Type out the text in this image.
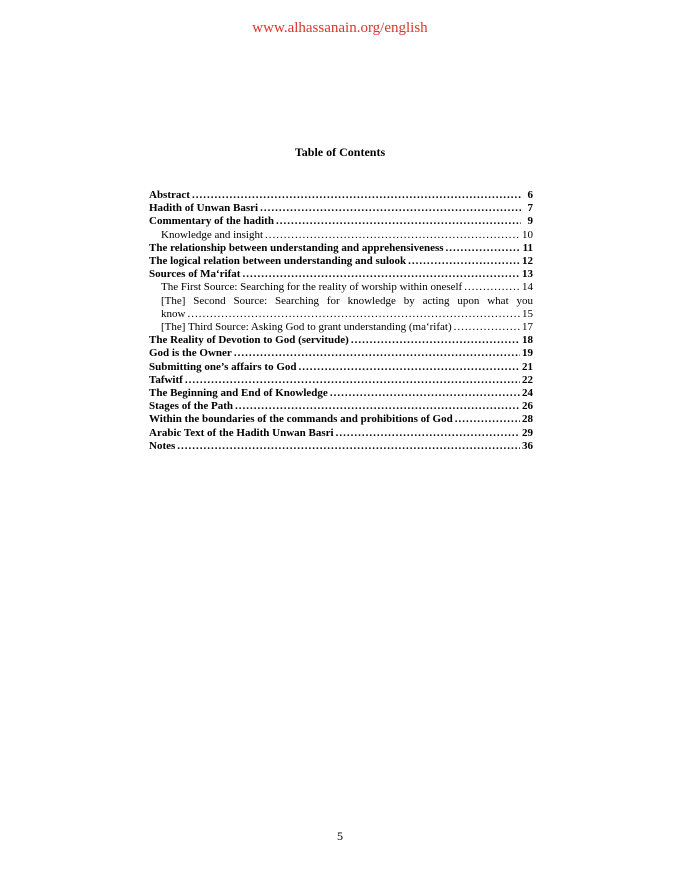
www.alhassanain.org/english
Table of Contents
Abstract .....	6
Hadith of Unwan Basri .....	7
Commentary of the hadith .....	9
Knowledge and insight .....	10
The relationship between understanding and apprehensiveness .....	11
The logical relation between understanding and sulook .....	12
Sources of Ma‘rifat .....	13
The First Source: Searching for the reality of worship within oneself .....	14
[The] Second Source: Searching for knowledge by acting upon what you
know .....	15
[The] Third Source: Asking God to grant understanding (ma‘rifat) .....	17
The Reality of Devotion to God (servitude) .....	18
God is the Owner .....	19
Submitting one’s affairs to God .....	21
Tafwitf .....	22
The Beginning and End of Knowledge .....	24
Stages of the Path .....	26
Within the boundaries of the commands and prohibitions of God .....	28
Arabic Text of the Hadith Unwan Basri .....	29
Notes .....	36
5
